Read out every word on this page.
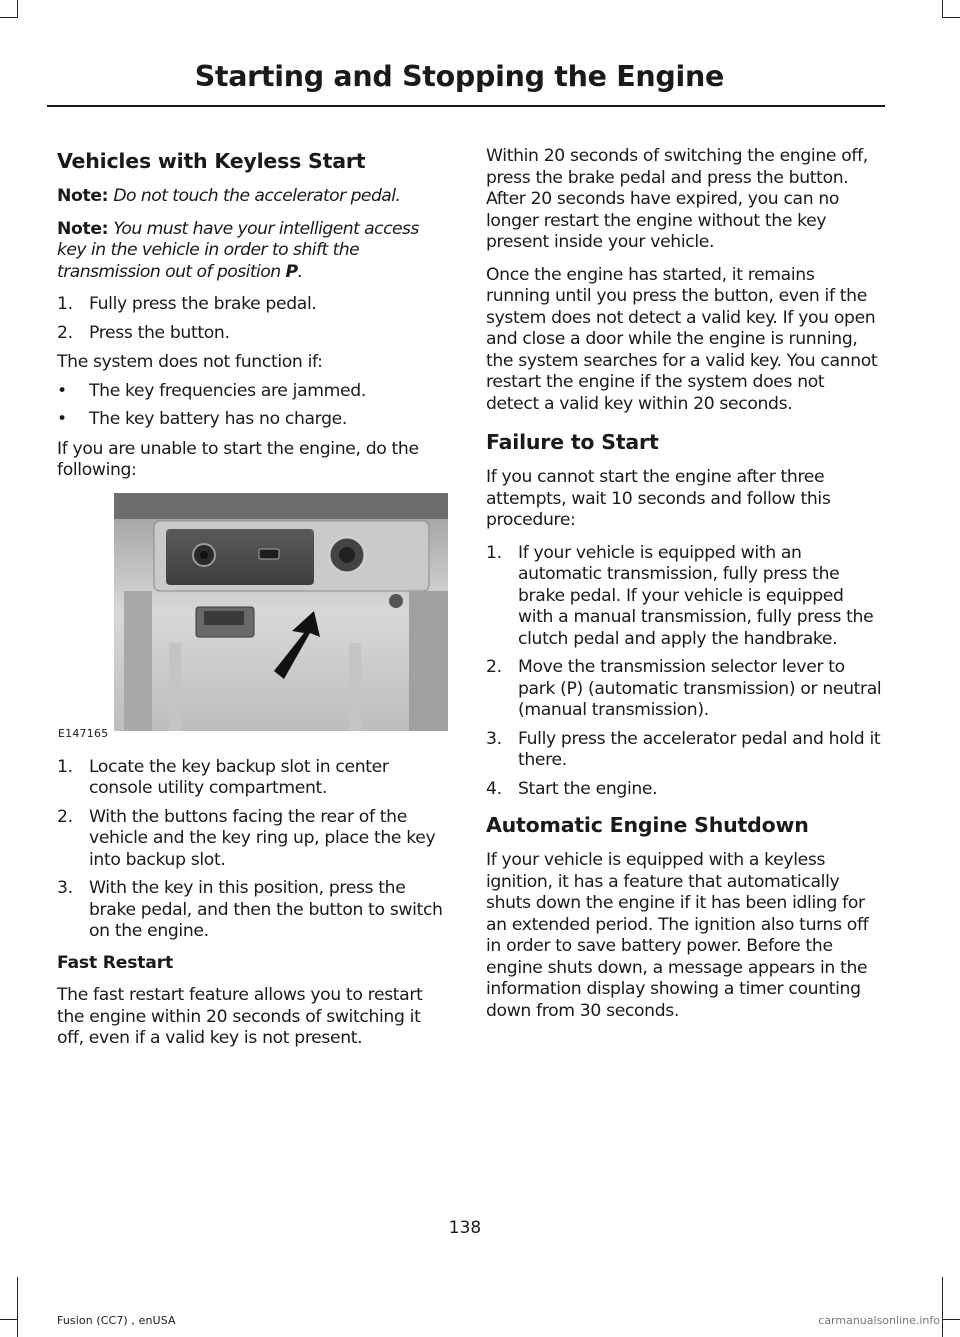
Starting and Stopping the Engine
Vehicles with Keyless Start

Note: Do not touch the accelerator pedal.

Note: You must have your intelligent access key in the vehicle in order to shift the transmission out of position P.

1. Fully press the brake pedal.
2. Press the button.

The system does not function if:

• The key frequencies are jammed.
• The key battery has no charge.

If you are unable to start the engine, do the following:

E147165
1. Locate the key backup slot in center console utility compartment.
2. With the buttons facing the rear of the vehicle and the key ring up, place the key into backup slot.
3. With the key in this position, press the brake pedal, and then the button to switch on the engine.
Fast Restart

The fast restart feature allows you to restart the engine within 20 seconds of switching it off, even if a valid key is not present.

Within 20 seconds of switching the engine off, press the brake pedal and press the button. After 20 seconds have expired, you can no longer restart the engine without the key present inside your vehicle.

Once the engine has started, it remains running until you press the button, even if the system does not detect a valid key. If you open and close a door while the engine is running, the system searches for a valid key. You cannot restart the engine if the system does not detect a valid key within 20 seconds.

Failure to Start

If you cannot start the engine after three attempts, wait 10 seconds and follow this procedure:

1. If your vehicle is equipped with an automatic transmission, fully press the brake pedal. If your vehicle is equipped with a manual transmission, fully press the clutch pedal and apply the handbrake.
2. Move the transmission selector lever to park (P) (automatic transmission) or neutral (manual transmission).
3. Fully press the accelerator pedal and hold it there.
4. Start the engine.
Automatic Engine Shutdown

If your vehicle is equipped with a keyless ignition, it has a feature that automatically shuts down the engine if it has been idling for an extended period. The ignition also turns off in order to save battery power. Before the engine shuts down, a message appears in the information display showing a timer counting down from 30 seconds.

138
Fusion (CC7) , enUSA	carmanualsonline.info
